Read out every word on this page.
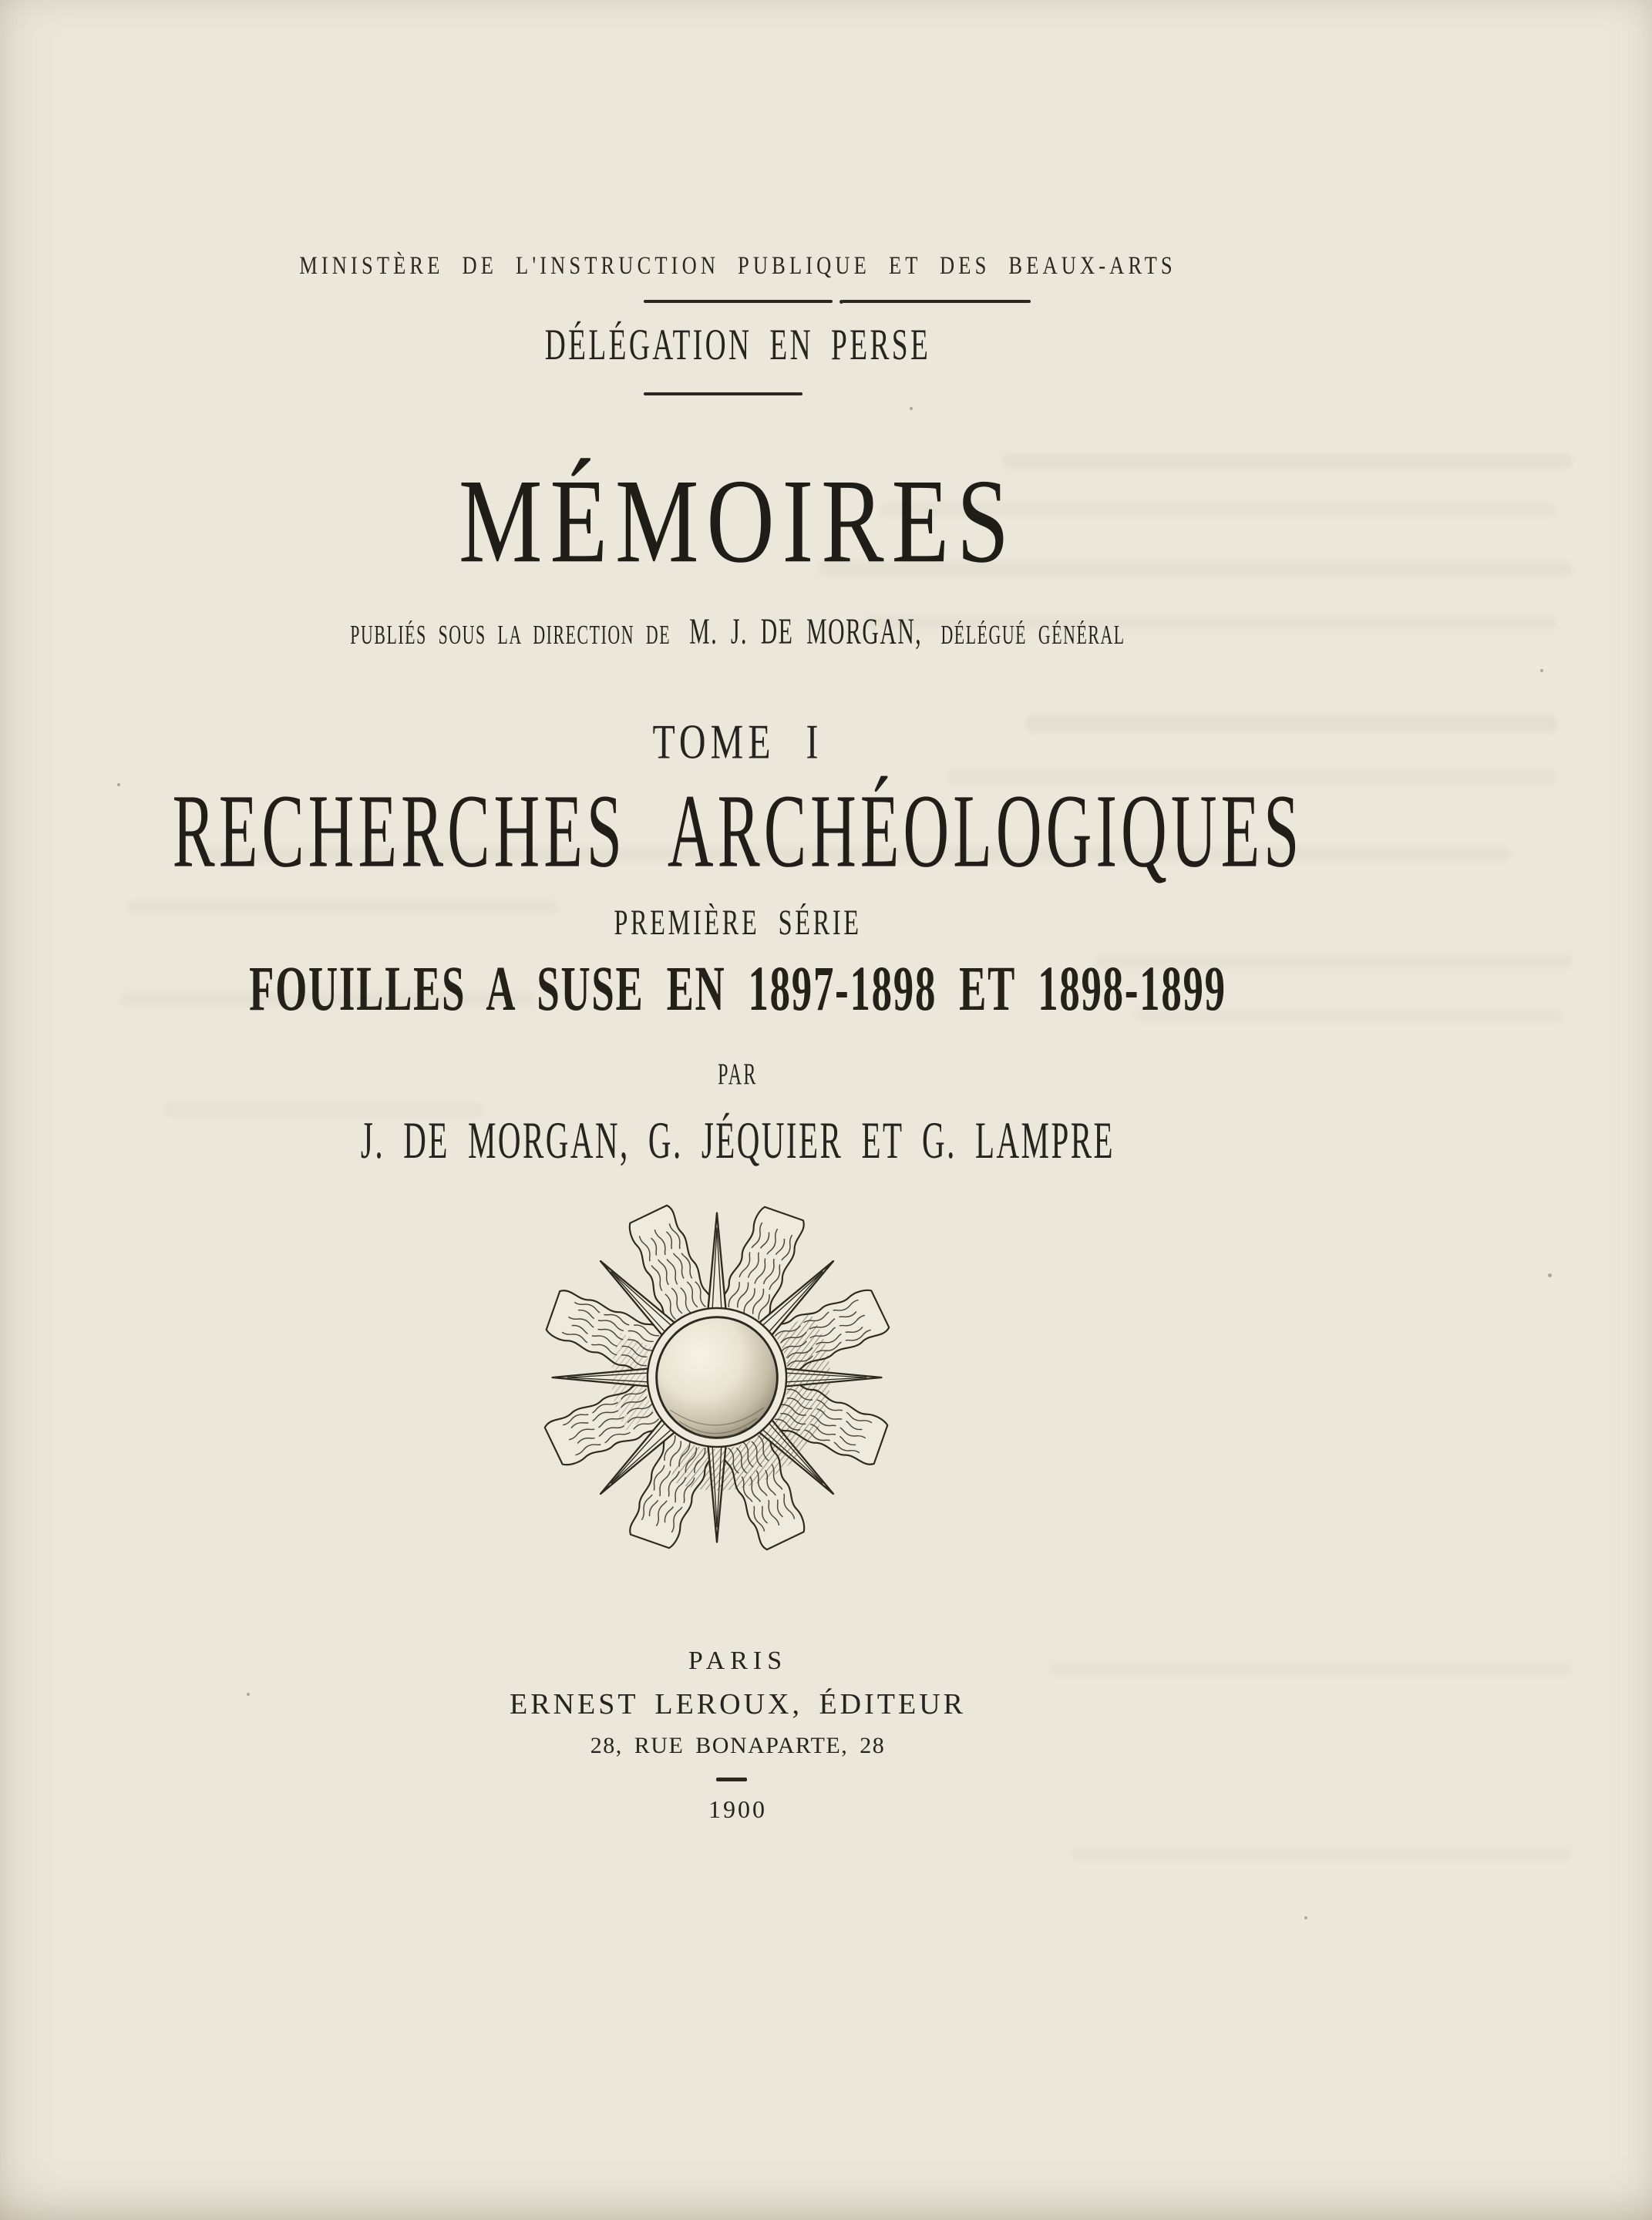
MINISTÈRE DE L'INSTRUCTION PUBLIQUE ET DES BEAUX-ARTS
DÉLÉGATION EN PERSE
MÉMOIRES
PUBLIÉS SOUS LA DIRECTION DE M. J. DE MORGAN, DÉLÉGUÉ GÉNÉRAL
TOME I
RECHERCHES ARCHÉOLOGIQUES
PREMIÈRE SÉRIE
FOUILLES A SUSE EN 1897-1898 ET 1898-1899
PAR
J. DE MORGAN, G. JÉQUIER ET G. LAMPRE
PARIS
ERNEST LEROUX, ÉDITEUR
28, RUE BONAPARTE, 28
1900
